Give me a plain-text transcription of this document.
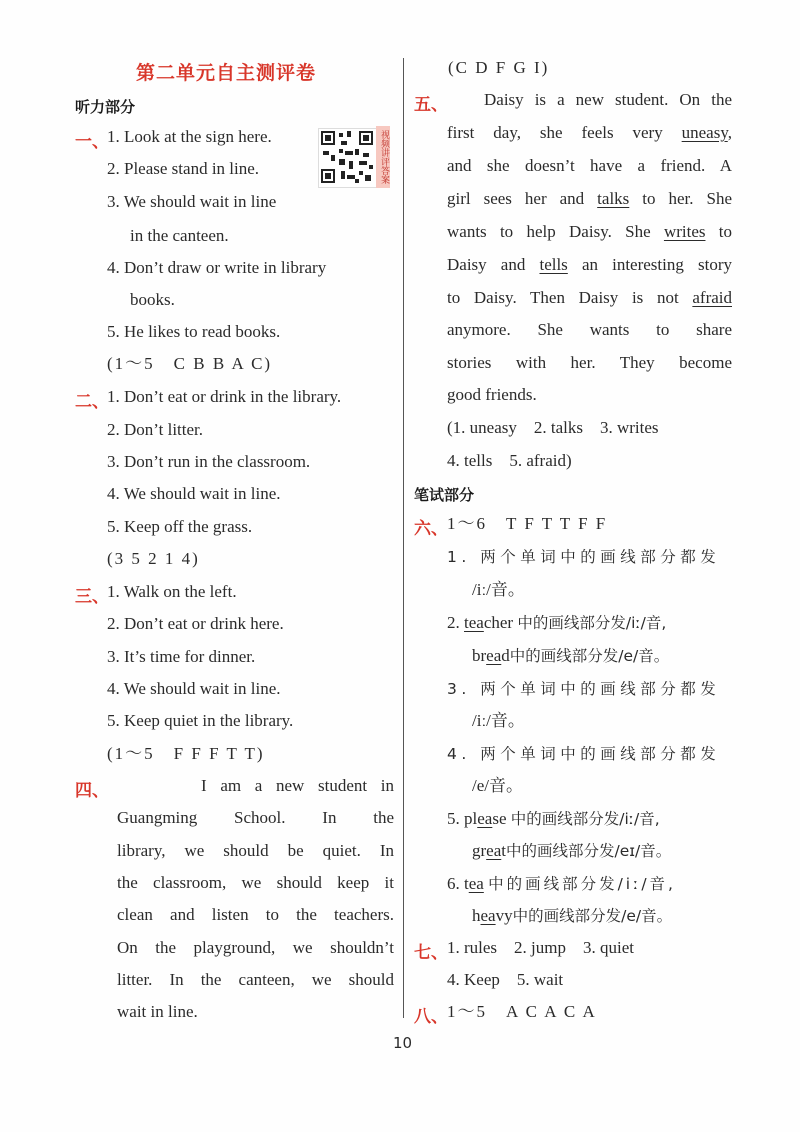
第二单元自主测评卷
听力部分
一、
1. Look at the sign here.
2. Please stand in line.
3. We should wait in line
in the canteen.
4. Don’t draw or write in library
books.
5. He likes to read books.
(1～5　C B B A C)
视频讲评答案
二、
1. Don’t eat or drink in the library.
2. Don’t litter.
3. Don’t run in the classroom.
4. We should wait in line.
5. Keep off the grass.
(3 5 2 1 4)
三、
1. Walk on the left.
2. Don’t eat or drink here.
3. It’s time for dinner.
4. We should wait in line.
5. Keep quiet in the library.
(1～5　F F F T T)
四、	I am a new student in
Guangming School. In the
library, we should be quiet. In
the classroom, we should keep it
clean and listen to the teachers.
On the playground, we shouldn’t
litter. In the canteen, we should
wait in line.
(C D F G I)
五、 Daisy is a new student. On the
first day, she feels very uneasy,
and she doesn’t have a friend. A
girl sees her and talks to her. She
wants to help Daisy. She writes to
Daisy and tells an interesting story
to Daisy. Then Daisy is not afraid
anymore. She wants to share
stories with her. They become
good friends.
(1. uneasy　2. talks　3. writes
4. tells　5. afraid)
笔试部分
六、 1～6　T F T T F F
1. 两个单词中的画线部分都发
/iː/音。
2. teacher 中的画线部分发/iː/音,
bread中的画线部分发/e/音。
3. 两个单词中的画线部分都发
/iː/音。
4. 两个单词中的画线部分都发
/e/音。
5. please 中的画线部分发/iː/音,
great中的画线部分发/eɪ/音。
6. tea 中的画线部分发/iː/音,
heavy中的画线部分发/e/音。
七、 1. rules　2. jump　3. quiet
4. Keep　5. wait
八、 1～5　A C A C A
10
